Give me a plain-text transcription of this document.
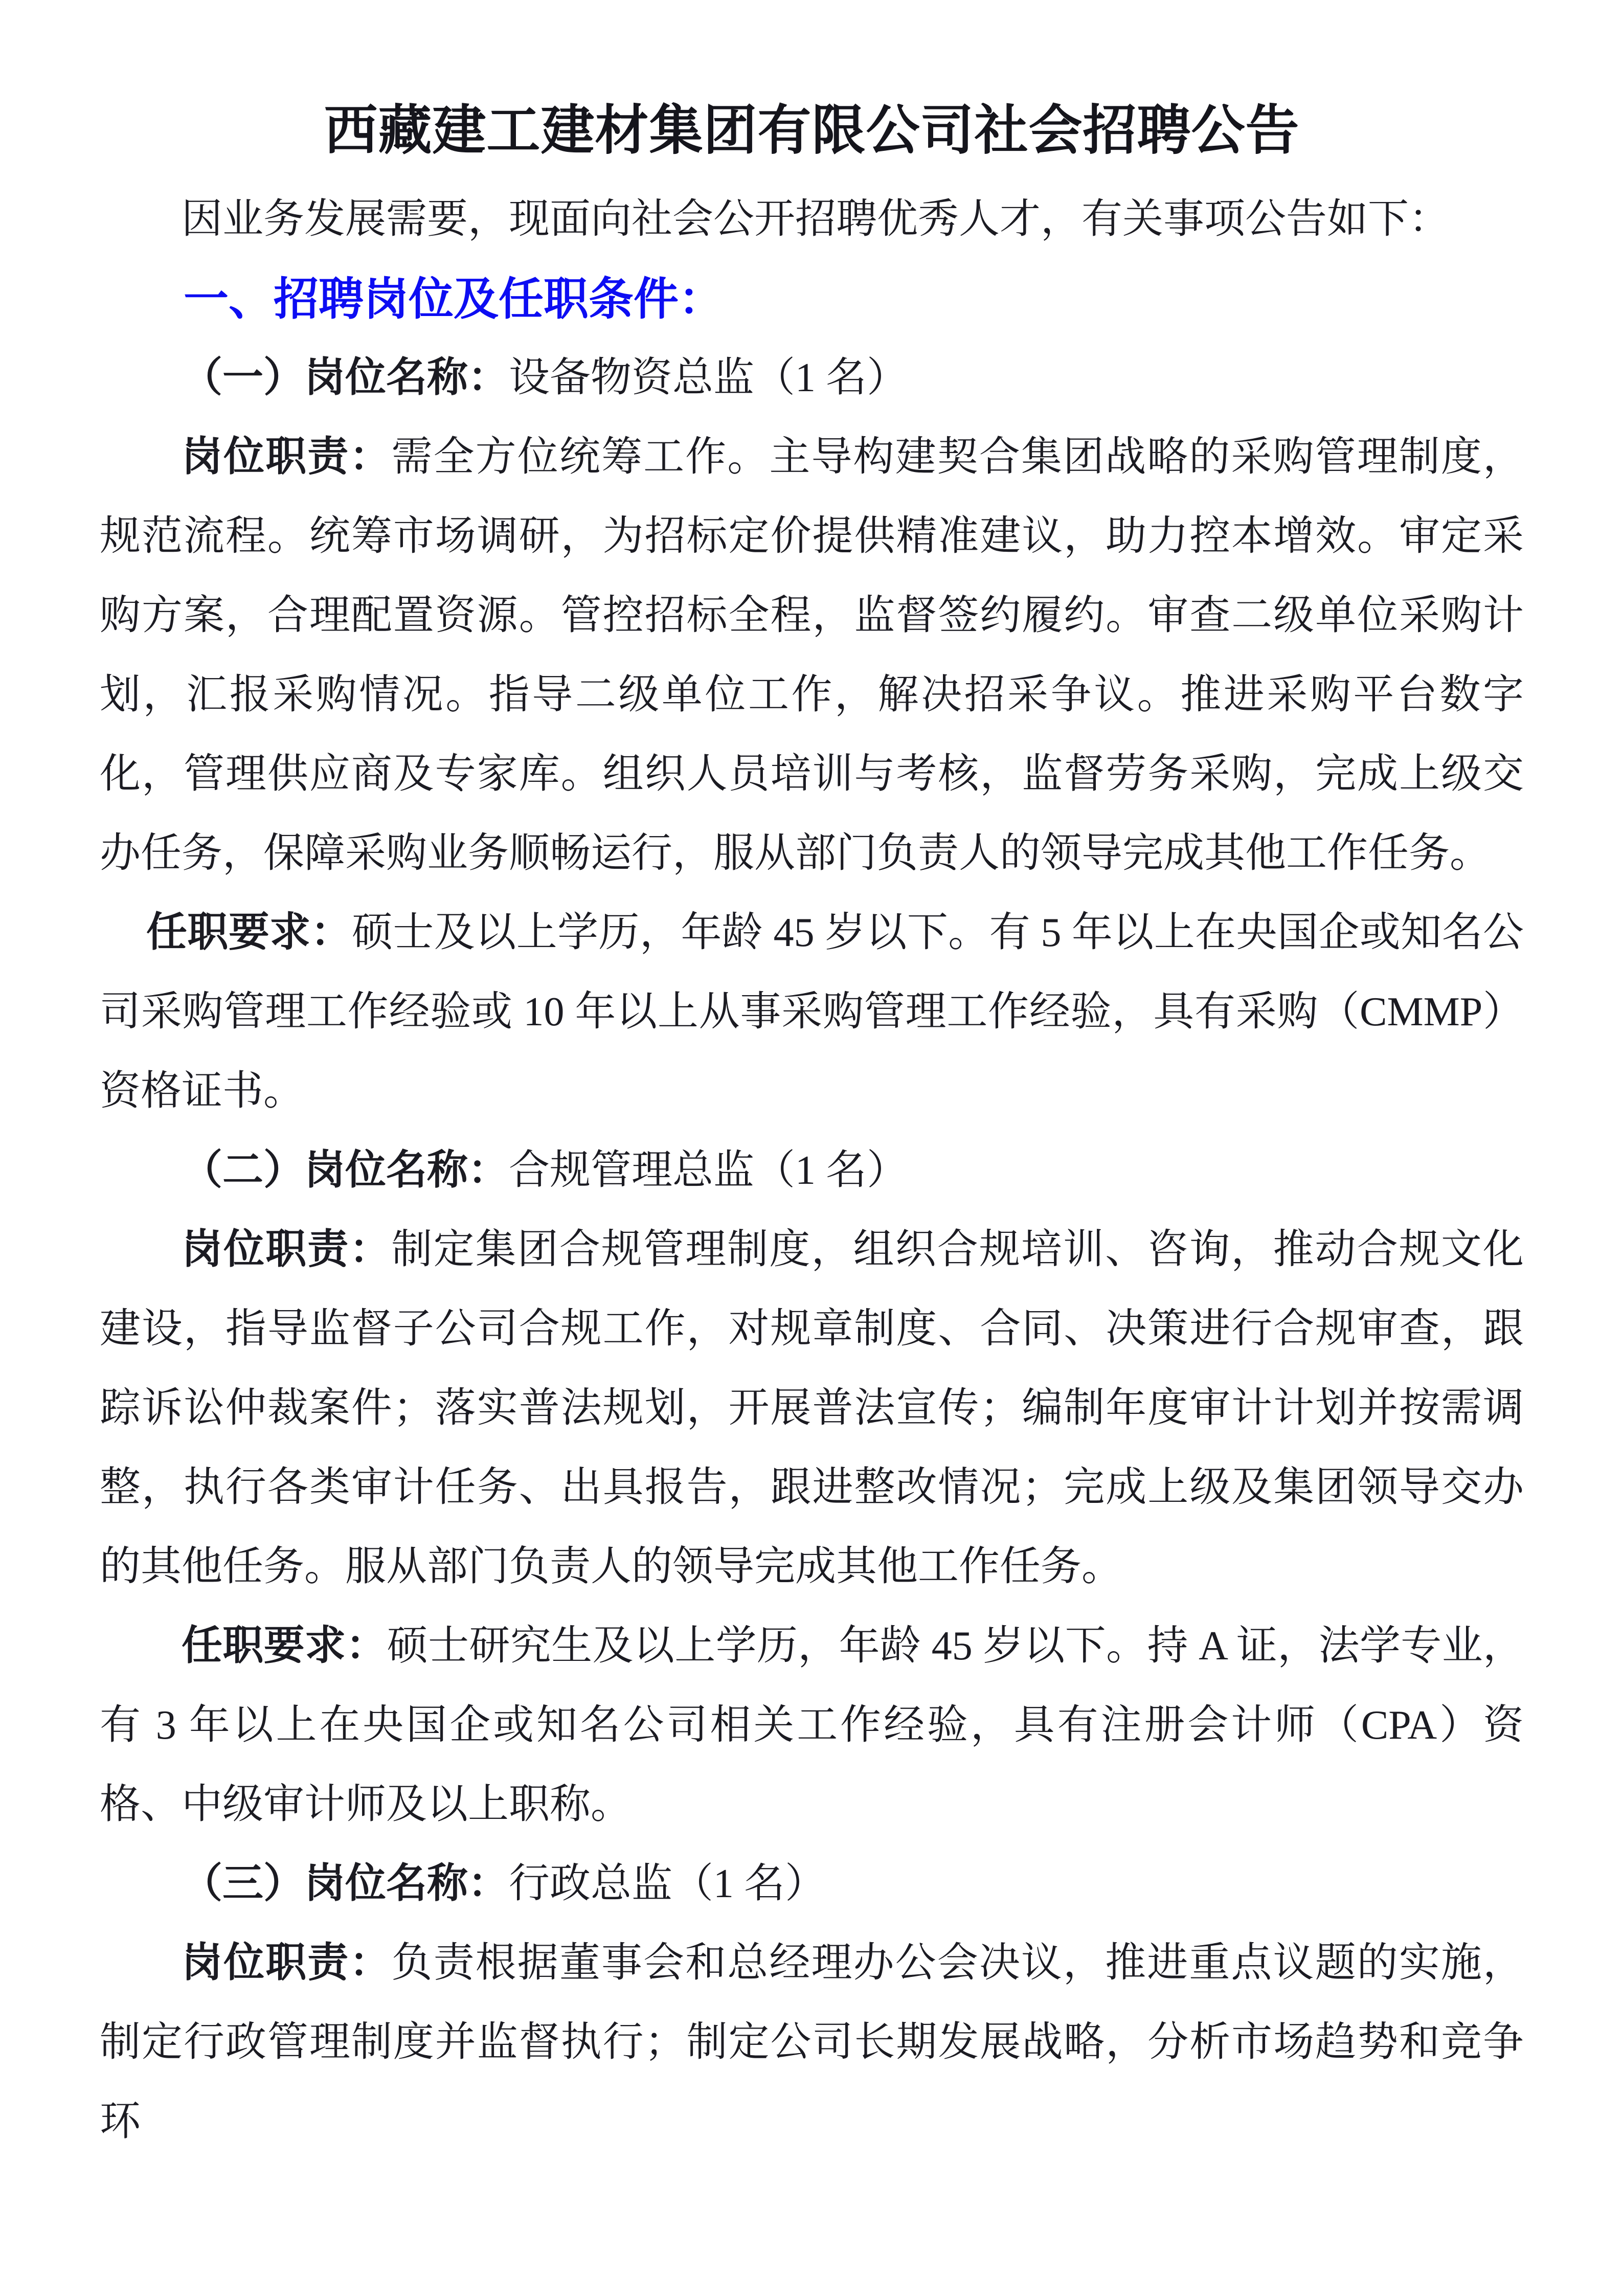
西藏建工建材集团有限公司社会招聘公告

因业务发展需要，现面向社会公开招聘优秀人才，有关事项公告如下：

一、招聘岗位及任职条件：

（一）岗位名称：设备物资总监（1 名）

岗位职责：需全方位统筹工作。主导构建契合集团战略的采购管理制度，规范流程。统筹市场调研，为招标定价提供精准建议，助力控本增效。审定采购方案，合理配置资源。管控招标全程，监督签约履约。审查二级单位采购计划，汇报采购情况。指导二级单位工作，解决招采争议。推进采购平台数字化，管理供应商及专家库。组织人员培训与考核，监督劳务采购，完成上级交办任务，保障采购业务顺畅运行，服从部门负责人的领导完成其他工作任务。

任职要求：硕士及以上学历，年龄 45 岁以下。有 5 年以上在央国企或知名公司采购管理工作经验或 10 年以上从事采购管理工作经验，具有采购（CMMP）资格证书。

（二）岗位名称：合规管理总监（1 名）

岗位职责：制定集团合规管理制度，组织合规培训、咨询，推动合规文化建设，指导监督子公司合规工作，对规章制度、合同、决策进行合规审查，跟踪诉讼仲裁案件；落实普法规划，开展普法宣传；编制年度审计计划并按需调整，执行各类审计任务、出具报告，跟进整改情况；完成上级及集团领导交办的其他任务。服从部门负责人的领导完成其他工作任务。

任职要求：硕士研究生及以上学历，年龄 45 岁以下。持 A 证，法学专业，有 3 年以上在央国企或知名公司相关工作经验，具有注册会计师（CPA）资格、中级审计师及以上职称。

（三）岗位名称：行政总监（1 名）

岗位职责：负责根据董事会和总经理办公会决议，推进重点议题的实施，制定行政管理制度并监督执行；制定公司长期发展战略，分析市场趋势和竞争环
